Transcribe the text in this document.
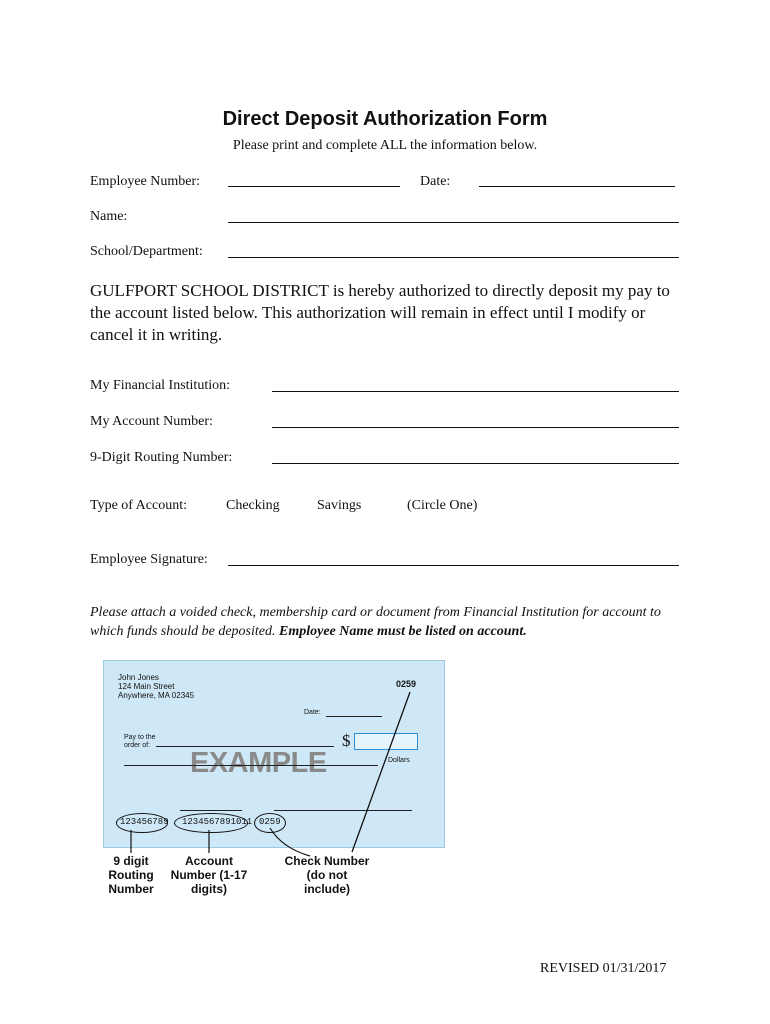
Direct Deposit Authorization Form
Please print and complete ALL the information below.
Employee Number:	Date:
Name:
School/Department:
GULFPORT SCHOOL DISTRICT is hereby authorized to directly deposit my pay to the account listed below. This authorization will remain in effect until I modify or cancel it in writing.
My Financial Institution:
My Account Number:
9-Digit Routing Number:
Type of Account:	Checking	Savings	(Circle One)
Employee Signature:
Please attach a voided check, membership card or document from Financial Institution for account to which funds should be deposited. Employee Name must be listed on account.
John Jones
124 Main Street
Anywhere, MA 02345
0259
Date:
Pay to the order of:	$
EXAMPLE	Dollars
123456789 1234567891011 0259
9 digit Routing Number
Account Number (1-17 digits)
Check Number (do not include)
REVISED 01/31/2017
